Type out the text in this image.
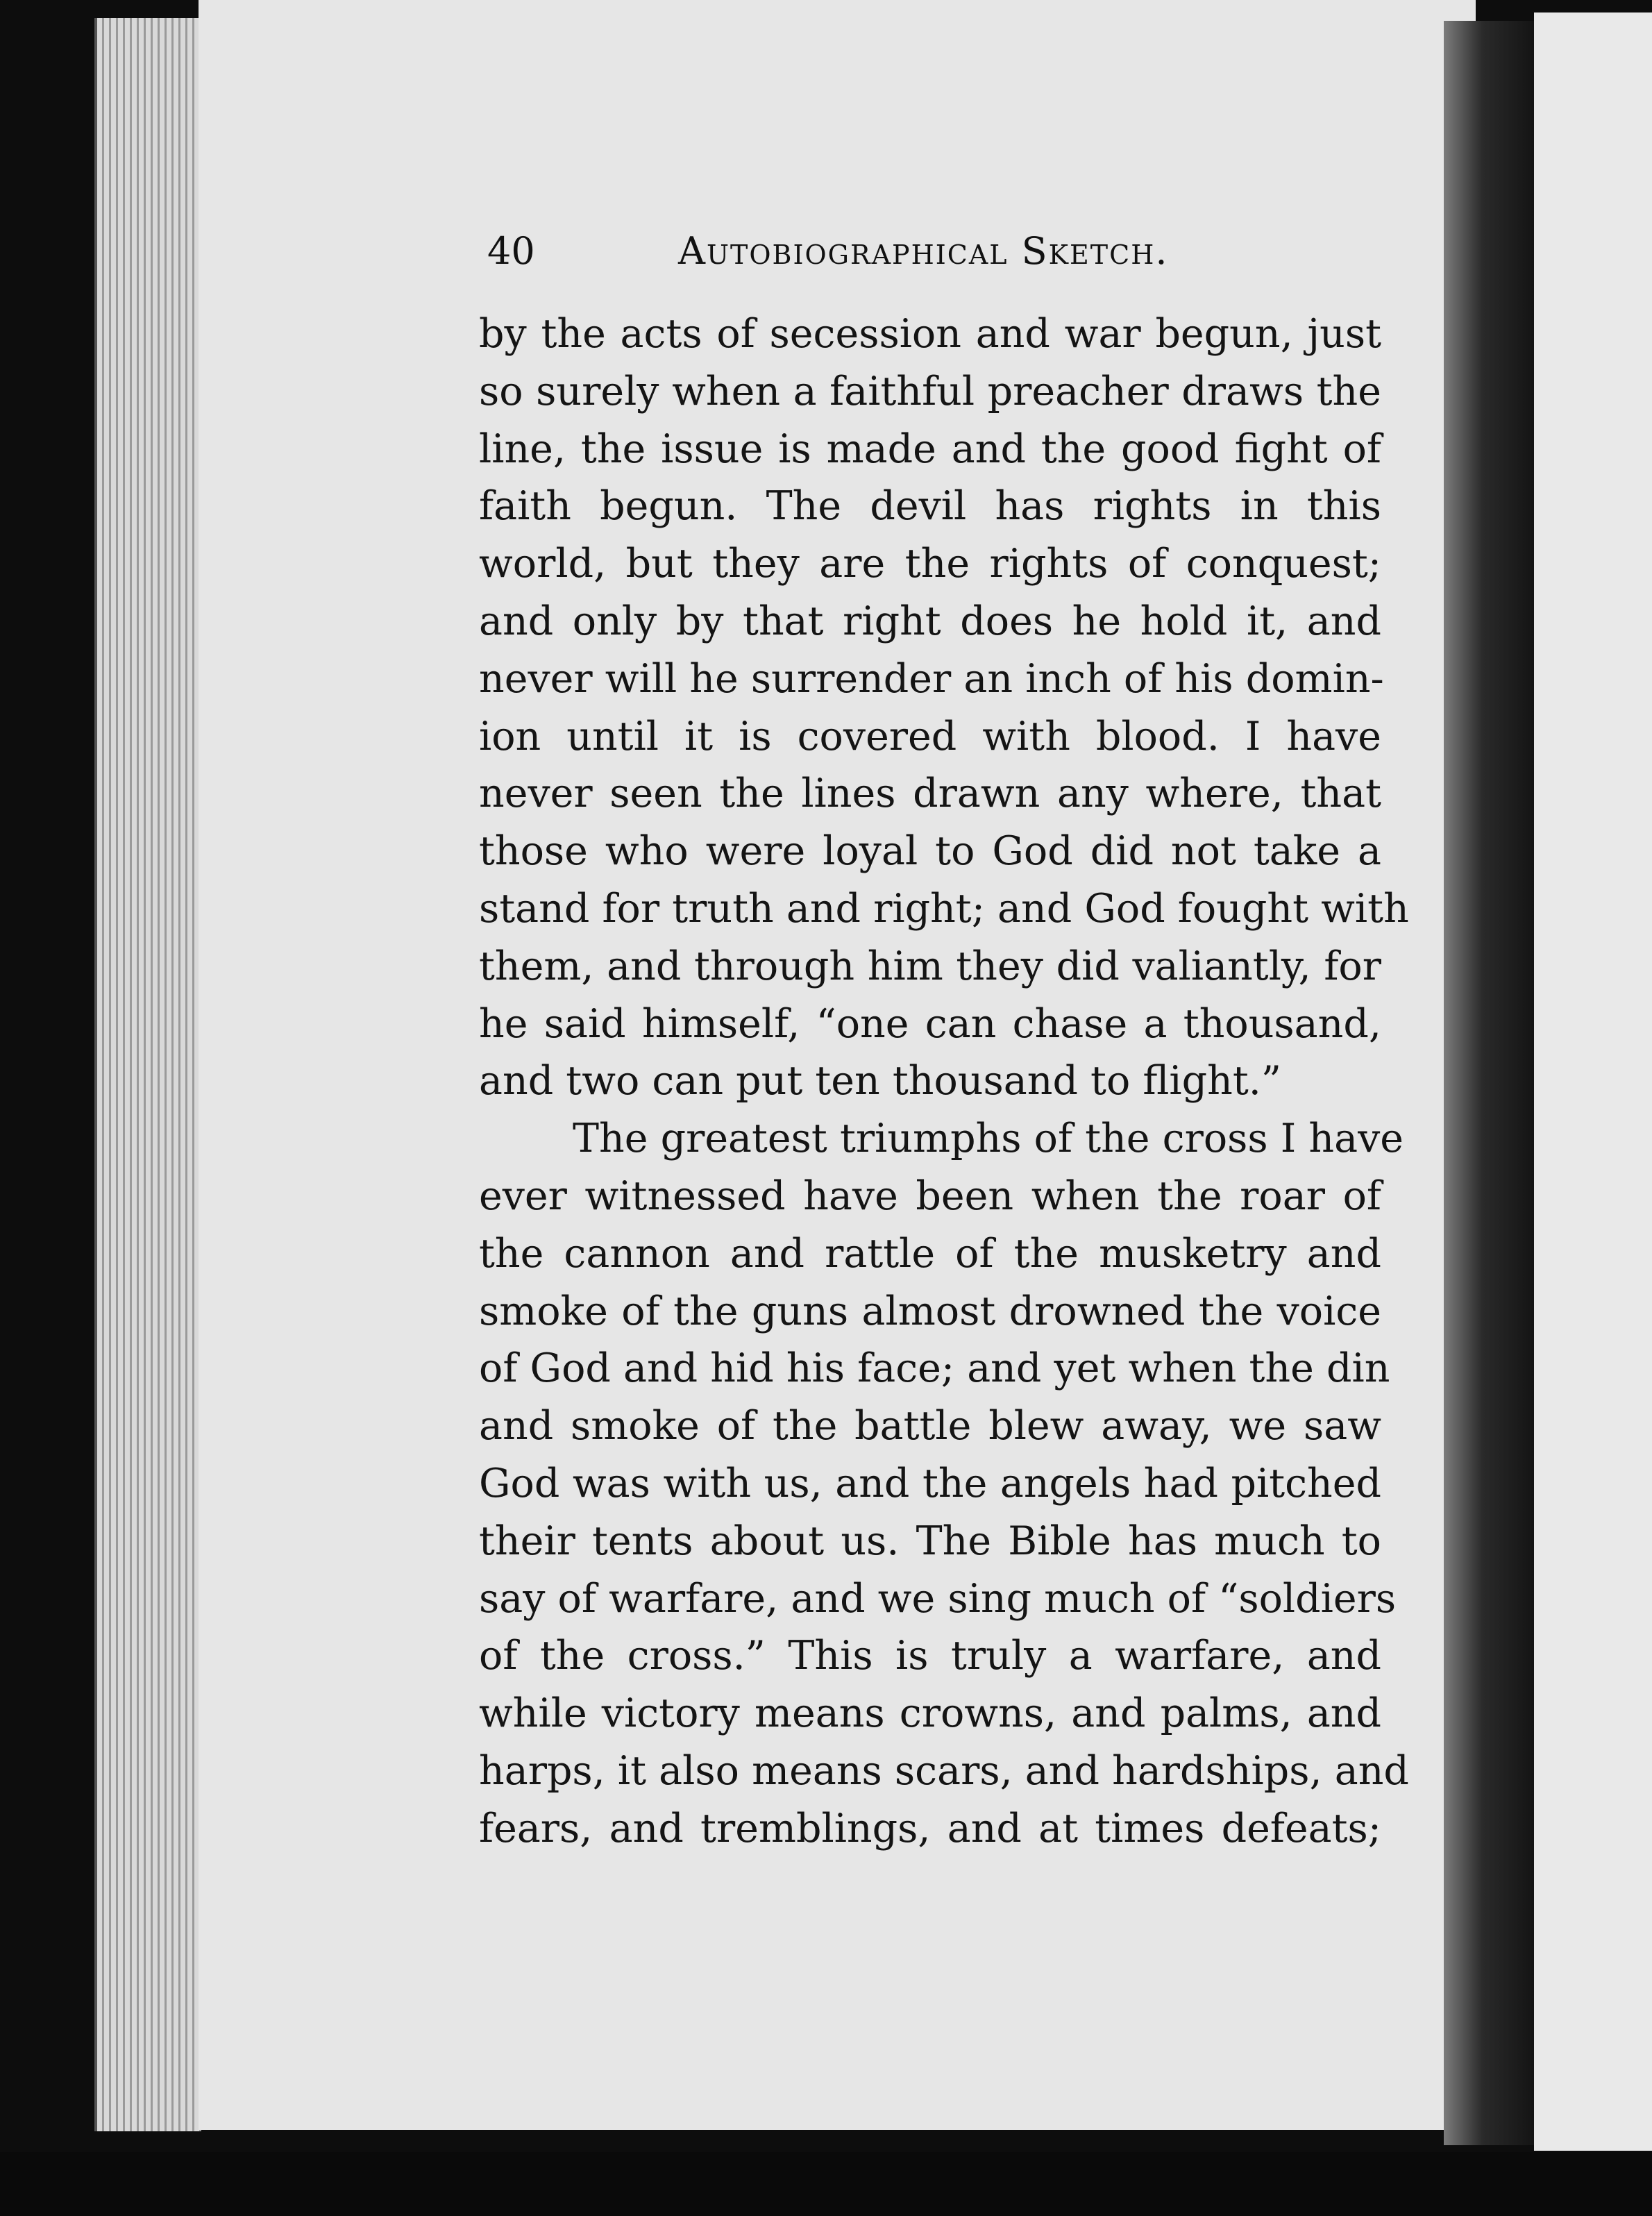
40	Autobiographical Sketch.
by the acts of secession and war begun, just
so surely when a faithful preacher draws the
line, the issue is made and the good fight of
faith begun. The devil has rights in this
world, but they are the rights of conquest;
and only by that right does he hold it, and
never will he surrender an inch of his domin-
ion until it is covered with blood. I have
never seen the lines drawn any where, that
those who were loyal to God did not take a
stand for truth and right; and God fought with
them, and through him they did valiantly, for
he said himself, “one can chase a thousand,
and two can put ten thousand to flight.”
The greatest triumphs of the cross I have
ever witnessed have been when the roar of
the cannon and rattle of the musketry and
smoke of the guns almost drowned the voice
of God and hid his face; and yet when the din
and smoke of the battle blew away, we saw
God was with us, and the angels had pitched
their tents about us. The Bible has much to
say of warfare, and we sing much of “soldiers
of the cross.” This is truly a warfare, and
while victory means crowns, and palms, and
harps, it also means scars, and hardships, and
fears, and tremblings, and at times defeats;
